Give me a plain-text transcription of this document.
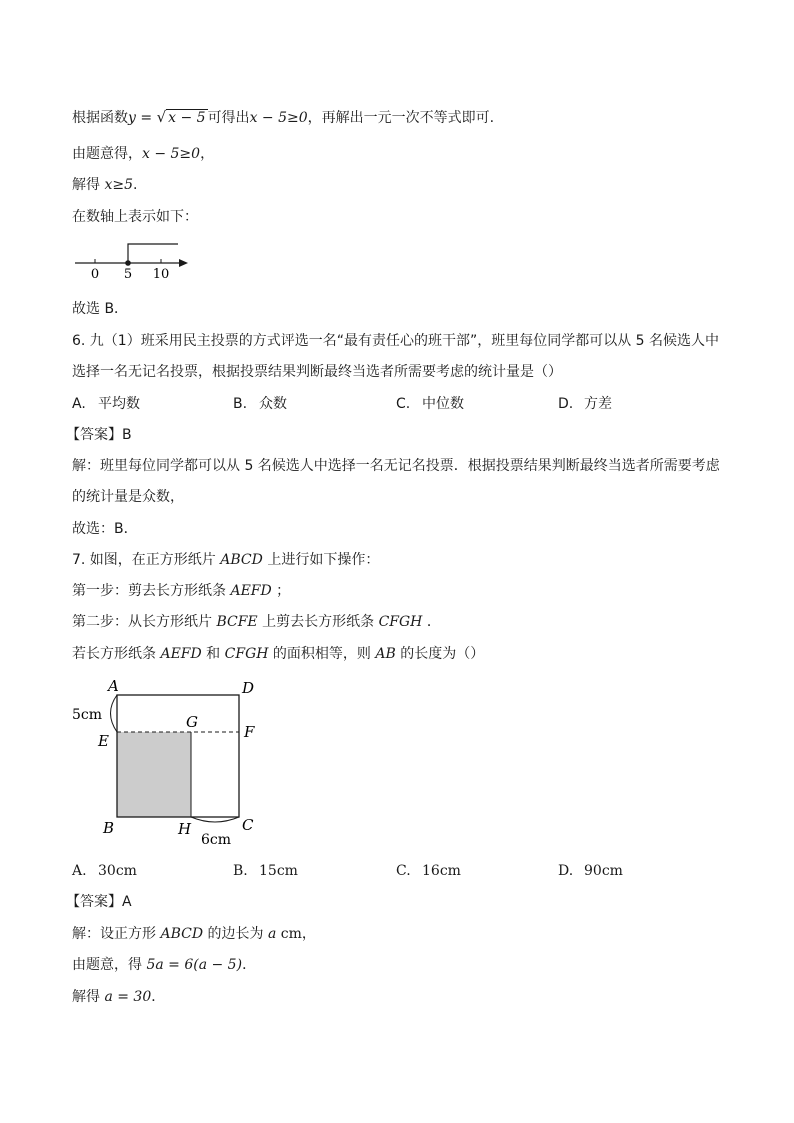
根据函数y = √ x − 5 可得出x − 5≥0，再解出一元一次不等式即可.
由题意得，x − 5≥0，
解得 x≥5.
在数轴上表示如下：
0 5 10
故选 B．
6. 九（1）班采用民主投票的方式评选一名“最有责任心的班干部”，班里每位同学都可以从 5 名候选人中
选择一名无记名投票，根据投票结果判断最终当选者所需要考虑的统计量是（）
A. 平均数	B. 众数	C. 中位数	D. 方差
【答案】B
解：班里每位同学都可以从 5 名候选人中选择一名无记名投票．根据投票结果判断最终当选者所需要考虑
的统计量是众数，
故选：B．
7. 如图，在正方形纸片 ABCD 上进行如下操作：
第一步：剪去长方形纸条 AEFD ；
第二步：从长方形纸片 BCFE 上剪去长方形纸条 CFGH ．
若长方形纸条 AEFD 和 CFGH 的面积相等，则 AB 的长度为（）
A	D
5cm
E
G
F
B	H	C
6cm
A. 30cm	B. 15cm	C. 16cm	D. 90cm
【答案】A
解：设正方形 ABCD 的边长为 a cm，
由题意，得 5a = 6(a − 5)．
解得 a = 30．
